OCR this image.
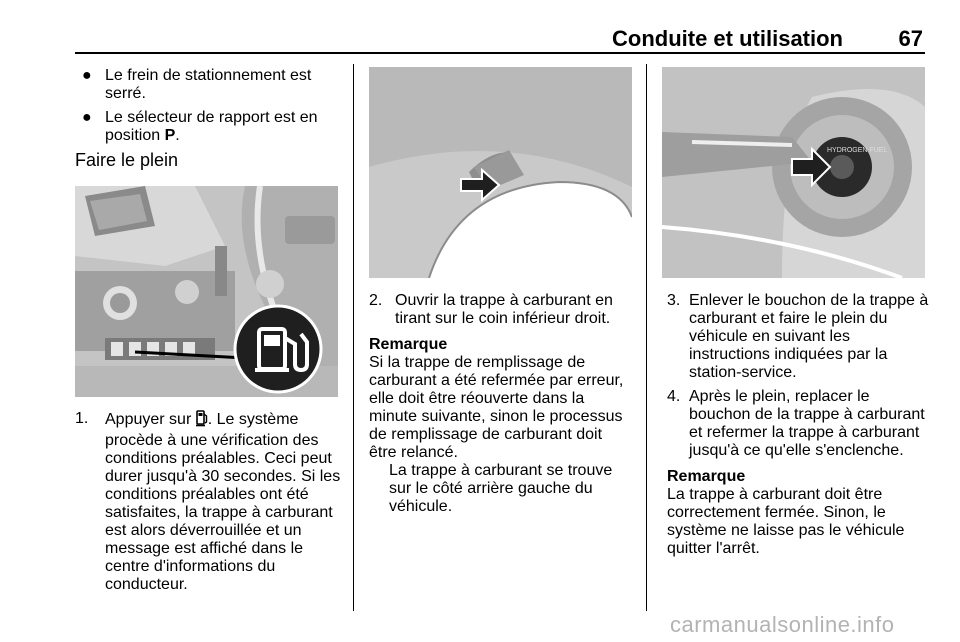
Conduite et utilisation	67
● Le frein de stationnement est serré.
● Le sélecteur de rapport est en position P.

Faire le plein

1. Appuyer sur . Le système procède à une vérification des conditions préalables. Ceci peut durer jusqu'à 30 secondes. Si les conditions préalables ont été satisfaites, la trappe à carburant est alors déverrouillée et un message est affiché dans le centre d'informations du conducteur.
2. Ouvrir la trappe à carburant en tirant sur le coin inférieur droit.

Remarque

Si la trappe de remplissage de carburant a été refermée par erreur, elle doit être réouverte dans la minute suivante, sinon le processus de remplissage de carburant doit être relancé.

La trappe à carburant se trouve sur le côté arrière gauche du véhicule.

HYDROGEN FUEL
3. Enlever le bouchon de la trappe à carburant et faire le plein du véhicule en suivant les instructions indiquées par la station-service.
4. Après le plein, replacer le bouchon de la trappe à carburant et refermer la trappe à carburant jusqu'à ce qu'elle s'enclenche.

Remarque

La trappe à carburant doit être correctement fermée. Sinon, le système ne laisse pas le véhicule quitter l'arrêt.

carmanualsonline.info
